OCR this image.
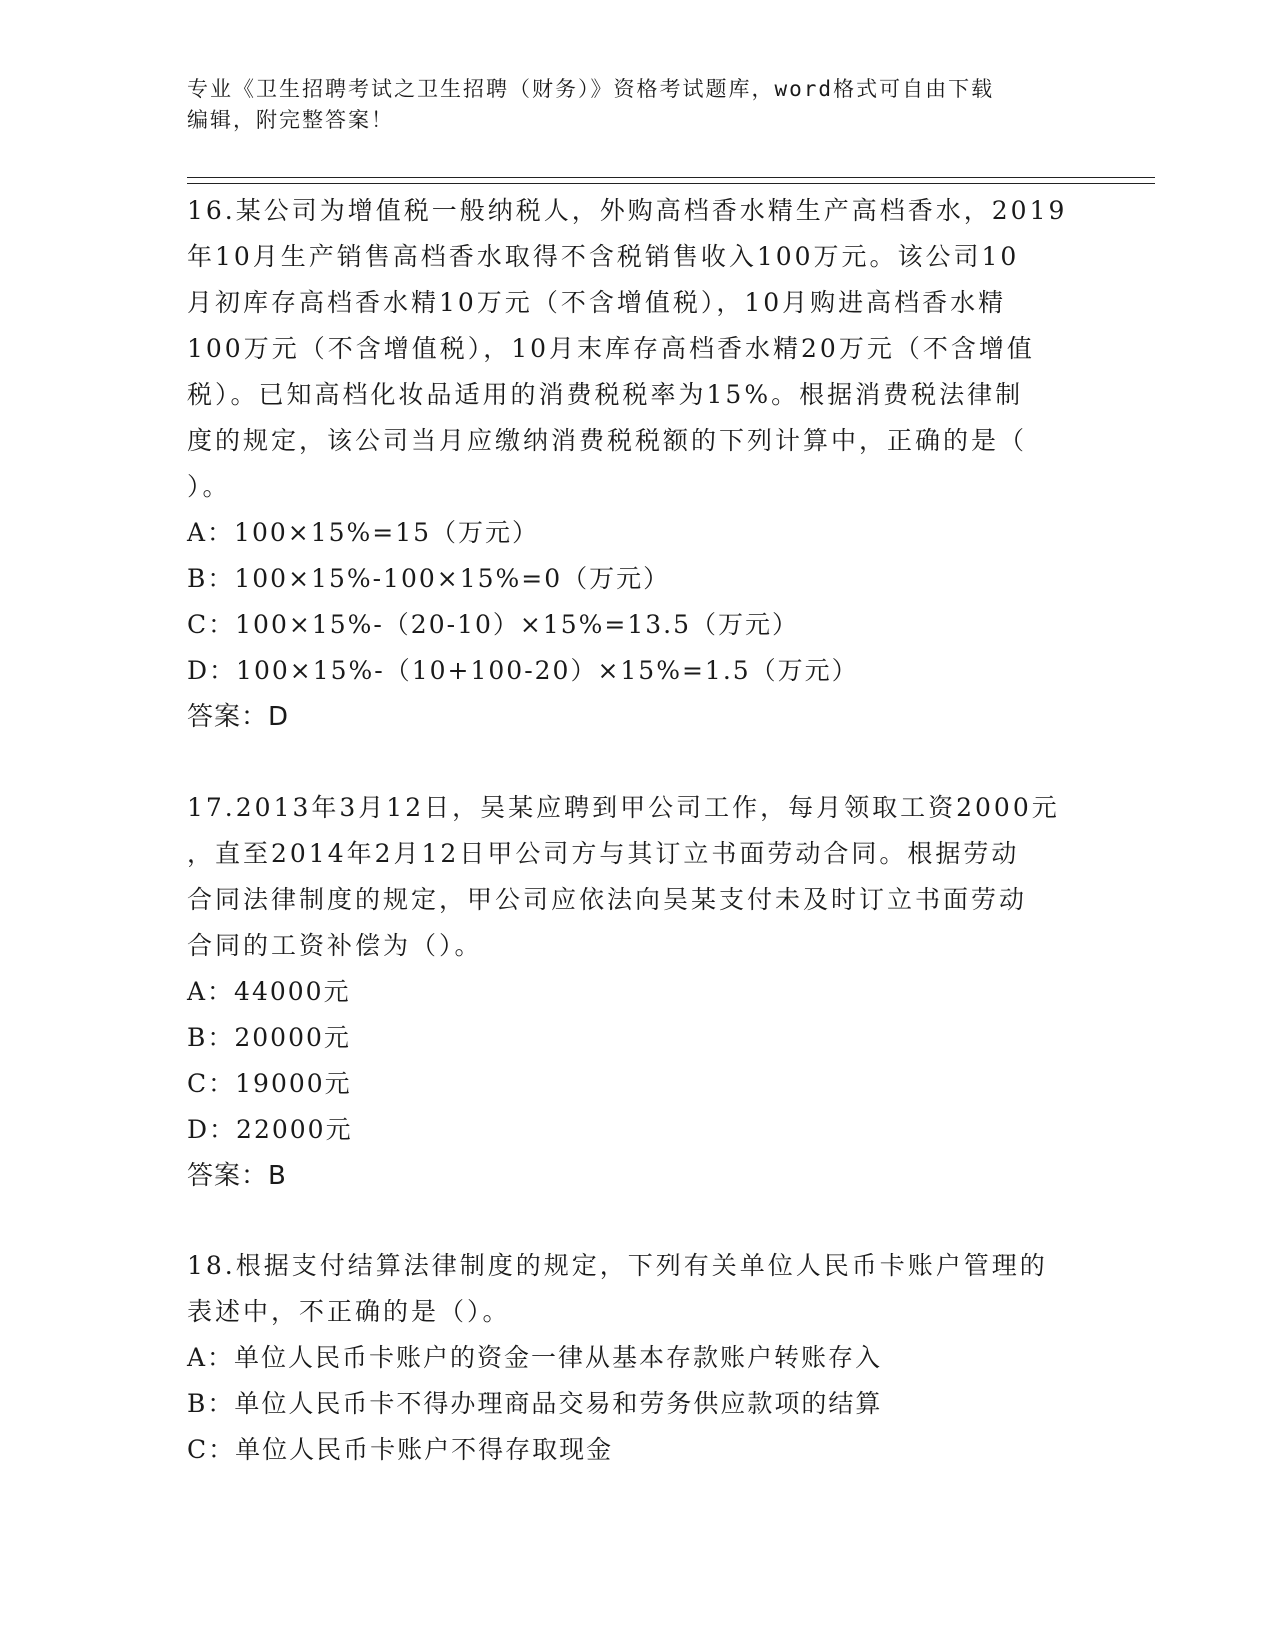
专业《卫生招聘考试之卫生招聘（财务）》资格考试题库，word格式可自由下载
编辑，附完整答案！

16.某公司为增值税一般纳税人，外购高档香水精生产高档香水，2019
年10月生产销售高档香水取得不含税销售收入100万元。该公司10
月初库存高档香水精10万元（不含增值税），10月购进高档香水精
100万元（不含增值税），10月末库存高档香水精20万元（不含增值
税）。已知高档化妆品适用的消费税税率为15%。根据消费税法律制
度的规定，该公司当月应缴纳消费税税额的下列计算中，正确的是（
）。

A：100×15%=15（万元）

B：100×15%-100×15%=0（万元）

C：100×15%-（20-10）×15%=13.5（万元）

D：100×15%-（10+100-20）×15%=1.5（万元）

答案：D

17.2013年3月12日，吴某应聘到甲公司工作，每月领取工资2000元
，直至2014年2月12日甲公司方与其订立书面劳动合同。根据劳动
合同法律制度的规定，甲公司应依法向吴某支付未及时订立书面劳动
合同的工资补偿为（）。

A：44000元

B：20000元

C：19000元

D：22000元

答案：B

18.根据支付结算法律制度的规定，下列有关单位人民币卡账户管理的
表述中，不正确的是（）。

A：单位人民币卡账户的资金一律从基本存款账户转账存入

B：单位人民币卡不得办理商品交易和劳务供应款项的结算

C：单位人民币卡账户不得存取现金
